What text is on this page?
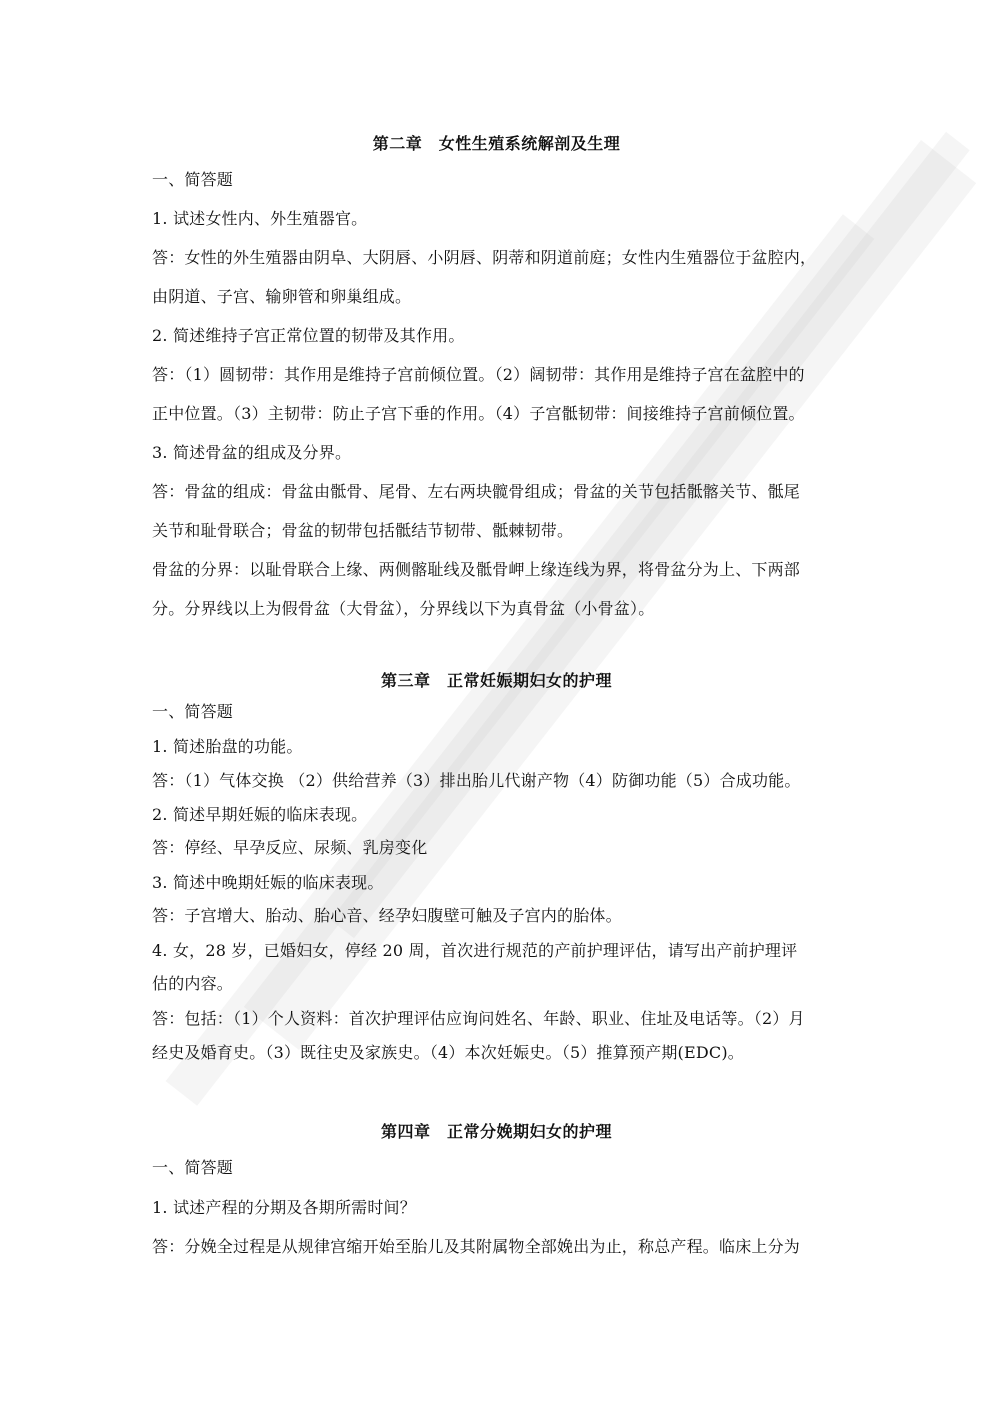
第二章　女性生殖系统解剖及生理
一、简答题
1. 试述女性内、外生殖器官。
答：女性的外生殖器由阴阜、大阴唇、小阴唇、阴蒂和阴道前庭；女性内生殖器位于盆腔内，
由阴道、子宫、输卵管和卵巢组成。
2. 简述维持子宫正常位置的韧带及其作用。
答：（1）圆韧带：其作用是维持子宫前倾位置。（2）阔韧带：其作用是维持子宫在盆腔中的
正中位置。（3）主韧带：防止子宫下垂的作用。（4）子宫骶韧带：间接维持子宫前倾位置。
3. 简述骨盆的组成及分界。
答：骨盆的组成：骨盆由骶骨、尾骨、左右两块髋骨组成；骨盆的关节包括骶髂关节、骶尾
关节和耻骨联合；骨盆的韧带包括骶结节韧带、骶棘韧带。
骨盆的分界：以耻骨联合上缘、两侧髂耻线及骶骨岬上缘连线为界，将骨盆分为上、下两部
分。分界线以上为假骨盆（大骨盆），分界线以下为真骨盆（小骨盆）。
第三章　正常妊娠期妇女的护理
一、简答题
1. 简述胎盘的功能。
答：（1）气体交换 （2）供给营养（3）排出胎儿代谢产物（4）防御功能（5）合成功能。
2. 简述早期妊娠的临床表现。
答：停经、早孕反应、尿频、乳房变化
3. 简述中晚期妊娠的临床表现。
答：子宫增大、胎动、胎心音、经孕妇腹壁可触及子宫内的胎体。
4. 女，28 岁，已婚妇女，停经 20 周，首次进行规范的产前护理评估，请写出产前护理评
估的内容。
答：包括：（1）个人资料：首次护理评估应询问姓名、年龄、职业、住址及电话等。（2）月
经史及婚育史。（3）既往史及家族史。（4）本次妊娠史。（5）推算预产期(EDC)。
第四章　正常分娩期妇女的护理
一、简答题
1. 试述产程的分期及各期所需时间？
答：分娩全过程是从规律宫缩开始至胎儿及其附属物全部娩出为止，称总产程。临床上分为
